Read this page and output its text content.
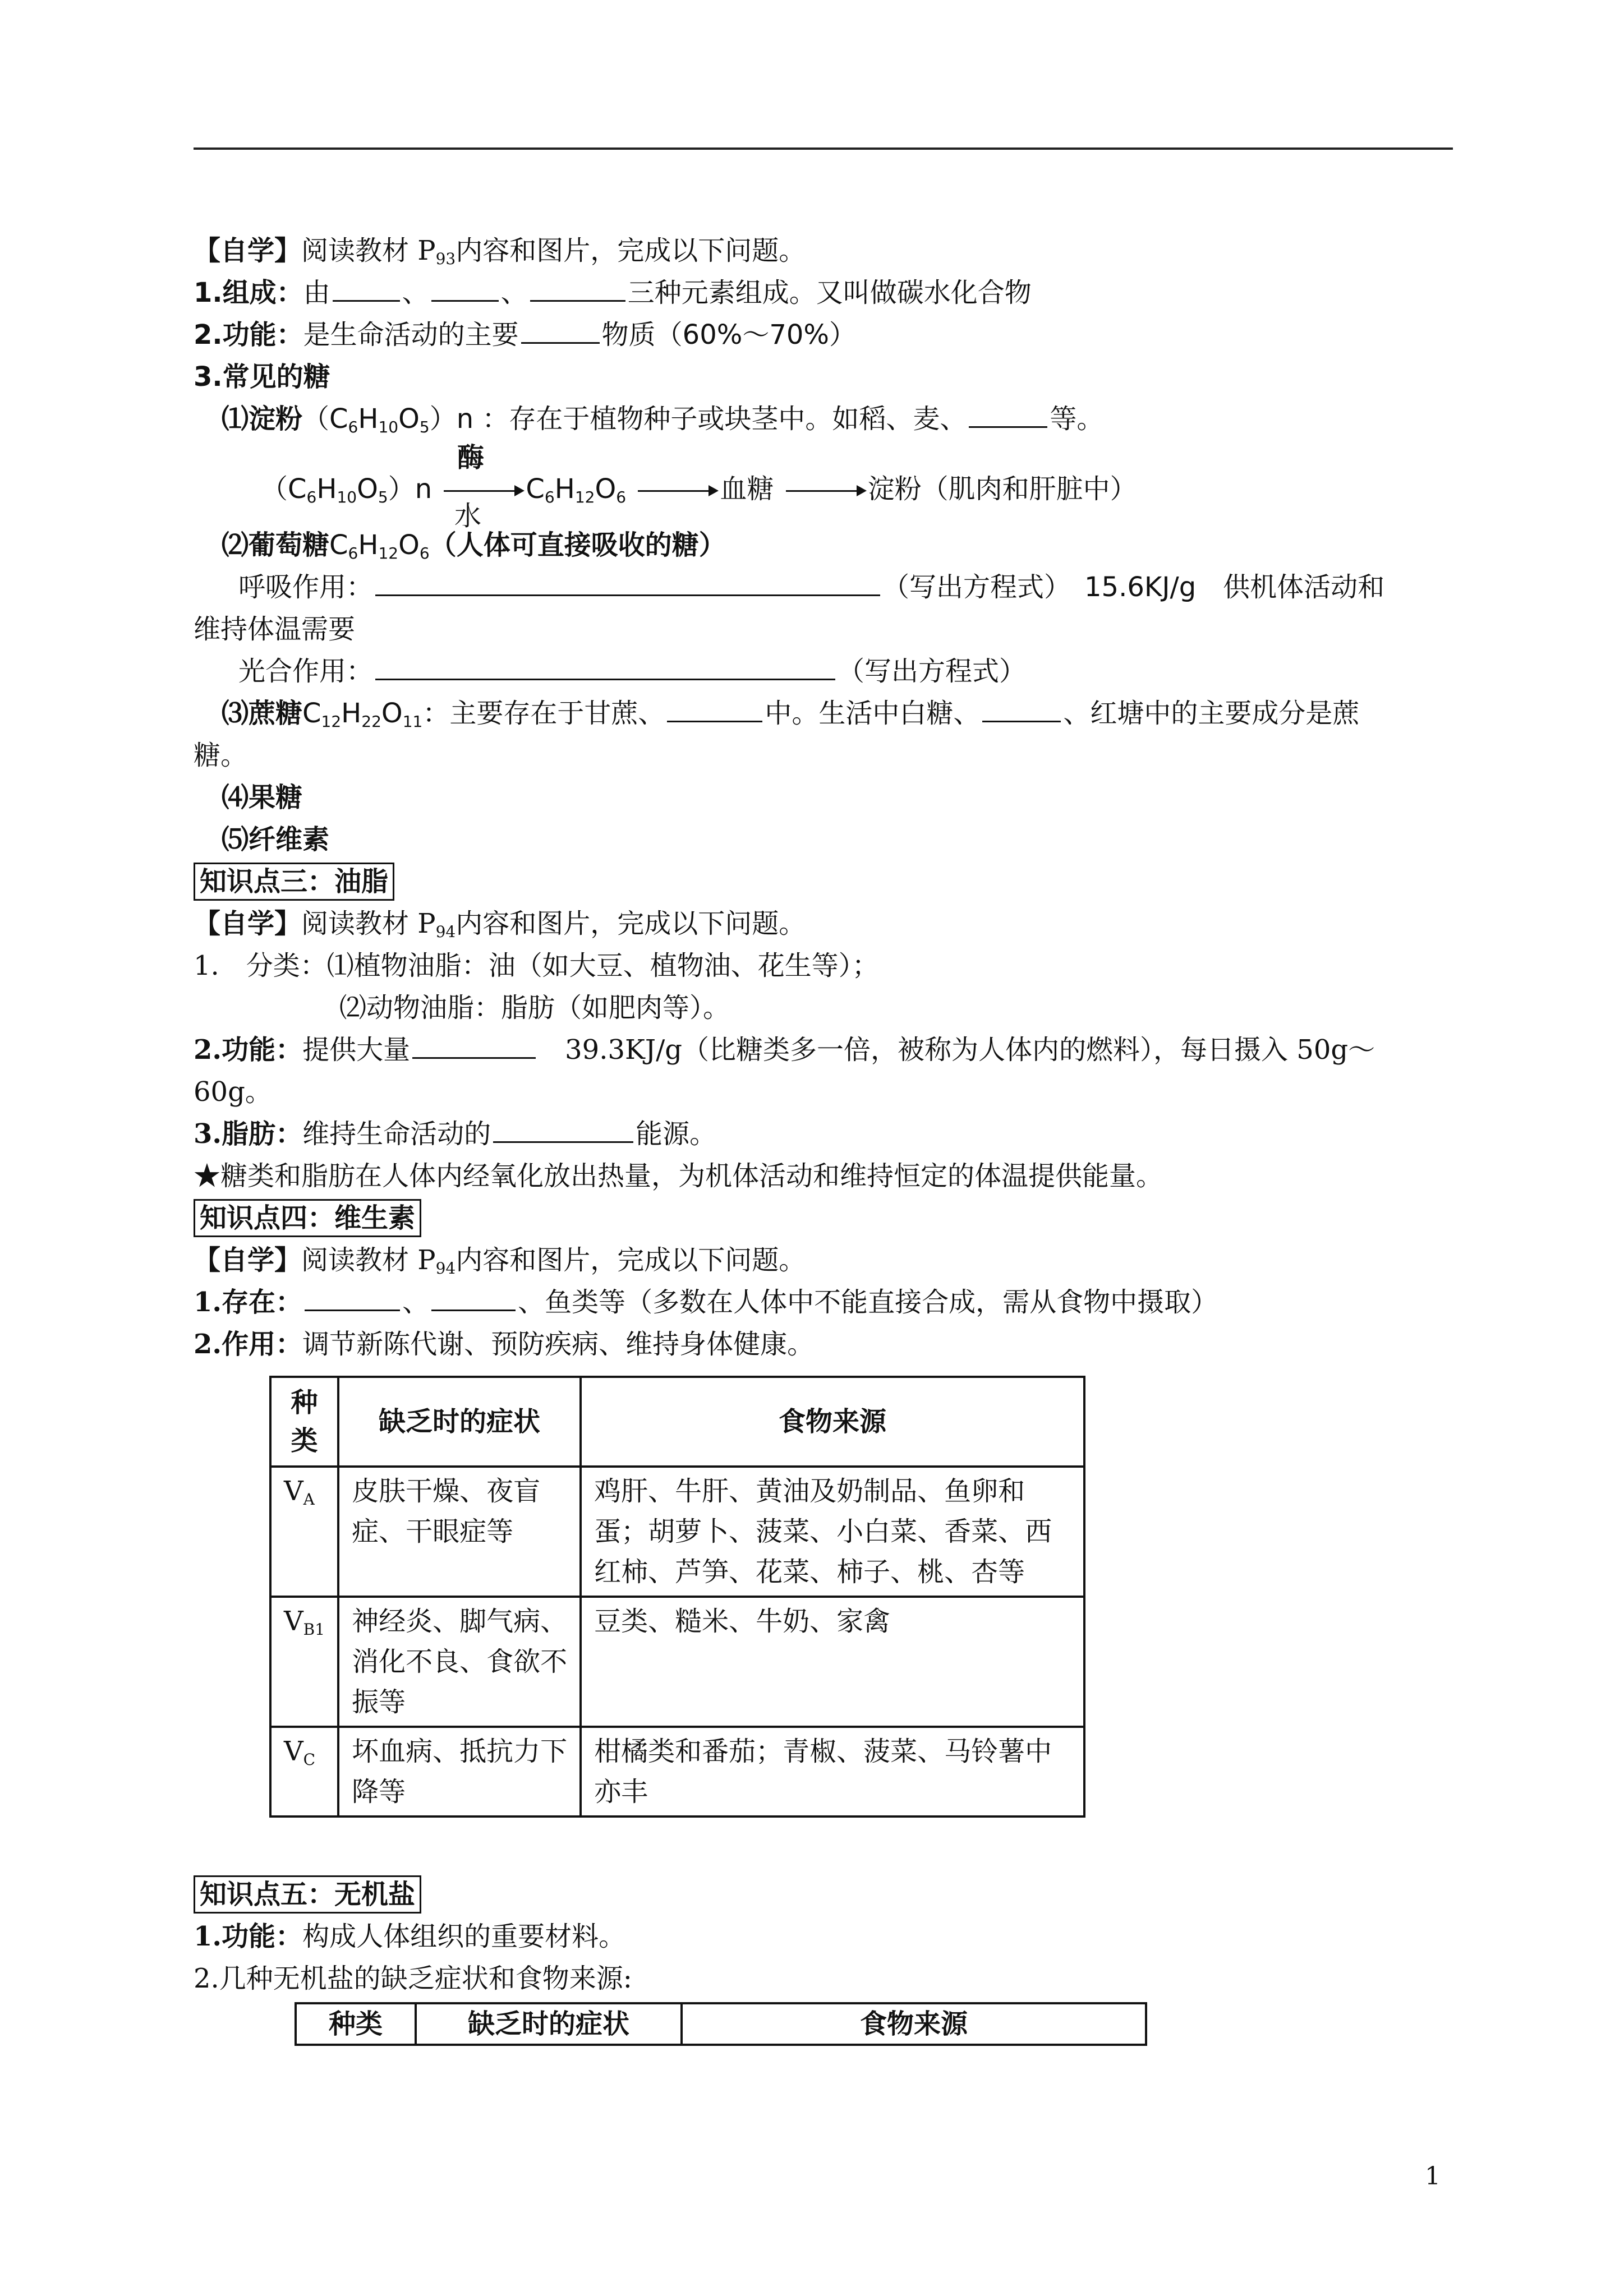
【自学】阅读教材 $P_{93}$内容和图片，完成以下问题。
1.组成：由	、	、	三种元素组成。又叫做碳水化合物
2.功能：是生命活动的主要	物质（60%～70%）
3.常见的糖
⑴淀粉$(C_6H_{10}O_5)n$ ：存在于植物种子或块茎中。如稻、麦、	等。
酶
$(C_6H_{10}O_5)n$	$C_6H_{12}O_6$	血糖	淀粉（肌肉和肝脏中）
水
⑵葡萄糖$C_6H_{12}O_6$（人体可直接吸收的糖）
呼吸作用：	（写出方程式）　15.6KJ/g　供机体活动和
维持体温需要
光合作用：	（写出方程式）
⑶蔗糖$C_{12}H_{22}O_{11}$：主要存在于甘蔗、	中。生活中白糖、	、红塘中的主要成分是蔗
糖。
⑷果糖
⑸纤维素
知识点三：油脂
【自学】阅读教材 $P_{94}$内容和图片，完成以下问题。
1.　分类：⑴植物油脂：油（如大豆、植物油、花生等）；
⑵动物油脂：脂肪（如肥肉等）。
2.功能：提供大量	　39.3KJ/g（比糖类多一倍，被称为人体内的燃料），每日摄入 50g～
60g。
3.脂肪：维持生命活动的	能源。
★糖类和脂肪在人体内经氧化放出热量，为机体活动和维持恒定的体温提供能量。
知识点四：维生素
【自学】阅读教材 $P_{94}$内容和图片，完成以下问题。
1.存在：	、	、鱼类等（多数在人体中不能直接合成，需从食物中摄取）
2.作用：调节新陈代谢、预防疾病、维持身体健康。
种类	缺乏时的症状	食物来源
$V_A$	皮肤干燥、夜盲症、干眼症等	鸡肝、牛肝、黄油及奶制品、鱼卵和蛋；胡萝卜、菠菜、小白菜、香菜、西红柿、芦笋、花菜、柿子、桃、杏等
$V_{B1}$	神经炎、脚气病、消化不良、食欲不振等	豆类、糙米、牛奶、家禽
$V_C$	坏血病、抵抗力下降等	柑橘类和番茄；青椒、菠菜、马铃薯中亦丰
知识点五：无机盐
1.功能：构成人体组织的重要材料。
2.几种无机盐的缺乏症状和食物来源:
种类	缺乏时的症状	食物来源
1
